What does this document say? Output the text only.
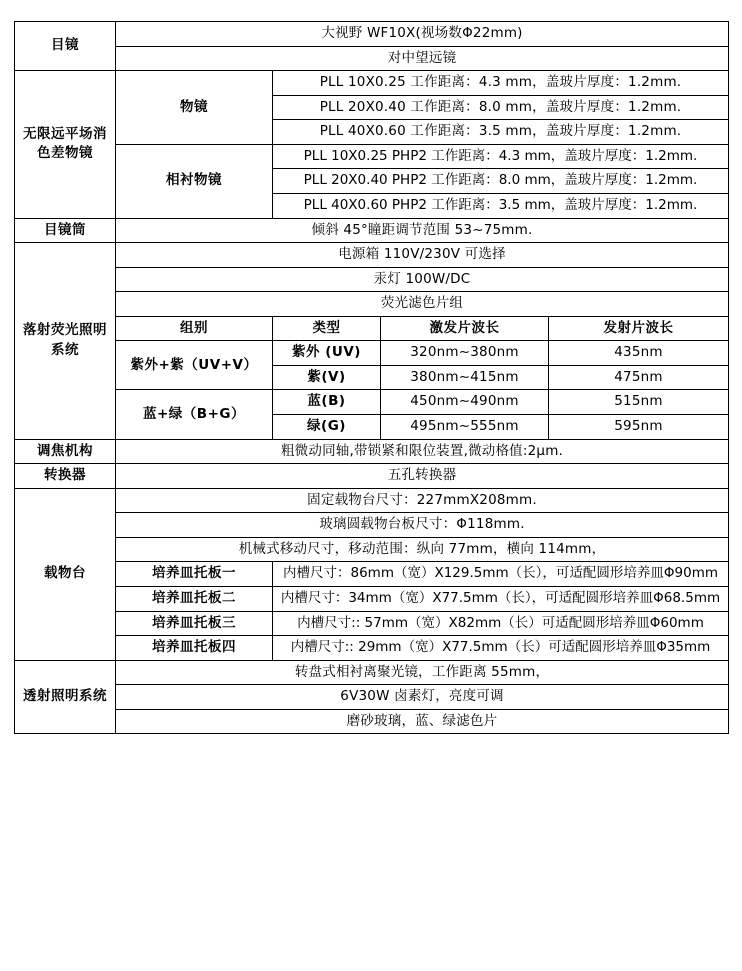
目镜	大视野 WF10X(视场数Φ22mm)			
	对中望远镜			
无限远平场消色差物镜	物镜	PLL 10X0.25 工作距离：4.3 mm，盖玻片厚度：1.2mm.		
		PLL 20X0.40 工作距离：8.0 mm，盖玻片厚度：1.2mm.		
		PLL 40X0.60 工作距离：3.5 mm，盖玻片厚度：1.2mm.		
	相衬物镜	PLL 10X0.25 PHP2 工作距离：4.3 mm，盖玻片厚度：1.2mm.		
		PLL 20X0.40 PHP2 工作距离：8.0 mm，盖玻片厚度：1.2mm.		
		PLL 40X0.60 PHP2 工作距离：3.5 mm，盖玻片厚度：1.2mm.		
目镜筒	倾斜 45°瞳距调节范围 53~75mm.			
落射荧光照明系统	电源箱 110V/230V 可选择			
	汞灯 100W/DC			
	荧光滤色片组			
	组别	类型	激发片波长	发射片波长
	紫外+紫（UV+V）	紫外 (UV)	320nm~380nm	435nm
		紫(V)	380nm~415nm	475nm
	蓝+绿（B+G）	蓝(B)	450nm~490nm	515nm
		绿(G)	495nm~555nm	595nm
调焦机构	粗微动同轴,带锁紧和限位装置,微动格值:2μm.			
转换器	五孔转换器			
载物台	固定载物台尺寸：227mmX208mm.			
	玻璃圆载物台板尺寸：Φ118mm.			
	机械式移动尺寸，移动范围：纵向 77mm，横向 114mm，			
	培养皿托板一	内槽尺寸：86mm（宽）X129.5mm（长），可适配圆形培养皿Φ90mm		
	培养皿托板二	内槽尺寸：34mm（宽）X77.5mm（长），可适配圆形培养皿Φ68.5mm		
	培养皿托板三	内槽尺寸:: 57mm（宽）X82mm（长）可适配圆形培养皿Φ60mm		
	培养皿托板四	内槽尺寸:: 29mm（宽）X77.5mm（长）可适配圆形培养皿Φ35mm		
透射照明系统	转盘式相衬离聚光镜，工作距离 55mm，			
	6V30W 卤素灯，亮度可调			
	磨砂玻璃，蓝、绿滤色片			
